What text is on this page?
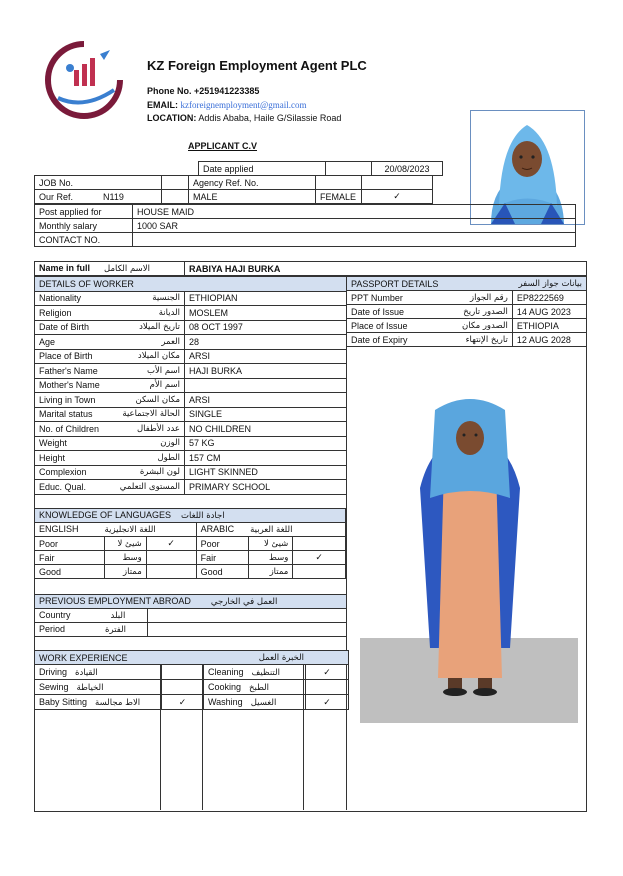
KZ Foreign Employment Agent PLC
Phone No. +251941223385
EMAIL: kzforeignemployment@gmail.com
LOCATION: Addis Ababa, Haile G/Silassie Road
APPLICANT C.V
Date applied		20/08/2023
JOB No.		Agency Ref. No.		
Our Ref. N119		MALE	FEMALE	✓
Post applied for	HOUSE MAID
Monthly salary	1000 SAR
CONTACT NO.	
Name in full الاسم الكامل	RABIYA HAJI BURKA
DETAILS OF WORKER	
Nationality الجنسية	ETHIOPIAN
Religion الديانة	MOSLEM
Date of Birth تاريخ الميلاد	08 OCT 1997
Age العمر	28
Place of Birth مكان الميلاد	ARSI
Father's Name اسم الأب	HAJI BURKA
Mother's Name اسم الأم	

Living in Town مكان السكن	ARSI
Marital status الحالة الاجتماعية	SINGLE
No. of Children عدد الأطفال	NO CHILDREN
Weight الوزن	57 KG
Height الطول	157 CM
Complexion لون البشرة	LIGHT SKINNED
Educ. Qual. المستوى التعلمي	PRIMARY SCHOOL
PASSPORT DETAILS بيانات جواز السفر	

PPT Number رقم الجواز	EP8222569
Date of Issue الصدور تاريخ	14 AUG 2023
Place of Issue الصدور مكان	ETHIOPIA
Date of Expiry تاريخ الإنتهاء	12 AUG 2028
KNOWLEDGE OF LANGUAGES اجادة اللغات					
ENGLISH اللغة الانجليزية			ARABIC اللغة العربية		
Poor	شيئ لا	✓	Poor	شيئ لا	
Fair	وسط		Fair	وسط	✓
Good	ممتاز		Good	ممتاز	
PREVIOUS EMPLOYMENT ABROAD العمل في الخارجي	
Country البلد	
Period الفترة	
WORK EXPERIENCE الخبرة العمل			

Driving القيادة		Cleaning التنظيف	✓
Sewing الخياطة		Cooking الطبخ	
Baby Sitting الاط مجالسة	✓	Washing الغسيل	✓
